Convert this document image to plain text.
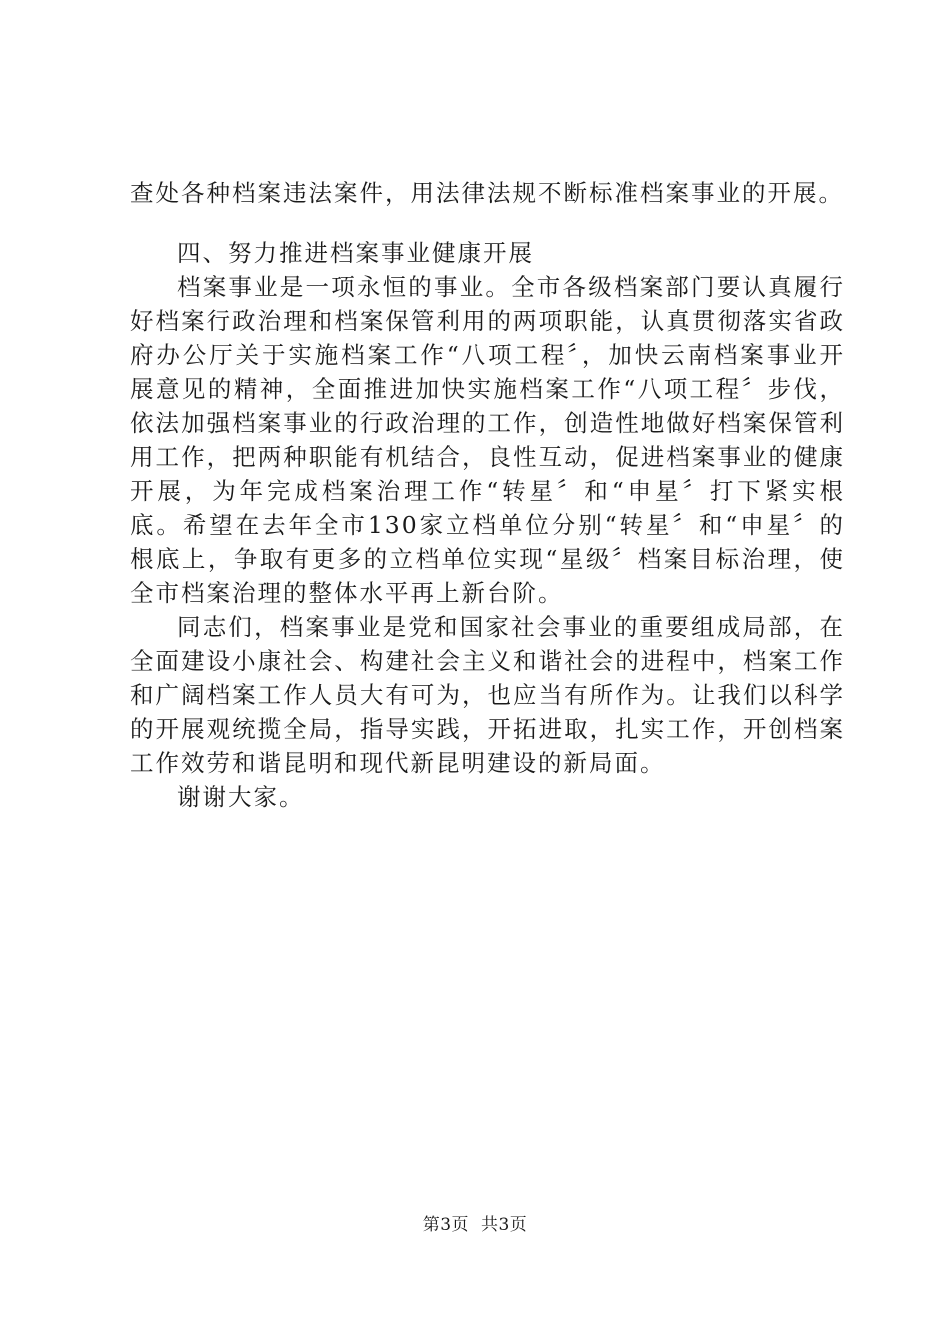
查处各种档案违法案件，用法律法规不断标准档案事业的开展。

四、努力推进档案事业健康开展

档案事业是一项永恒的事业。全市各级档案部门要认真履行好档案行政治理和档案保管利用的两项职能，认真贯彻落实省政府办公厅关于实施档案工作“八项工程〞，加快云南档案事业开展意见的精神，全面推进加快实施档案工作“八项工程〞步伐，依法加强档案事业的行政治理的工作，创造性地做好档案保管利用工作，把两种职能有机结合，良性互动，促进档案事业的健康开展，为年完成档案治理工作“转星〞和“申星〞打下紧实根底。希望在去年全市130家立档单位分别“转星〞和“申星〞的根底上，争取有更多的立档单位实现“星级〞档案目标治理，使全市档案治理的整体水平再上新台阶。

同志们，档案事业是党和国家社会事业的重要组成局部，在全面建设小康社会、构建社会主义和谐社会的进程中，档案工作和广阔档案工作人员大有可为，也应当有所作为。让我们以科学的开展观统揽全局，指导实践，开拓进取，扎实工作，开创档案工作效劳和谐昆明和现代新昆明建设的新局面。

谢谢大家。

第3页 共3页
